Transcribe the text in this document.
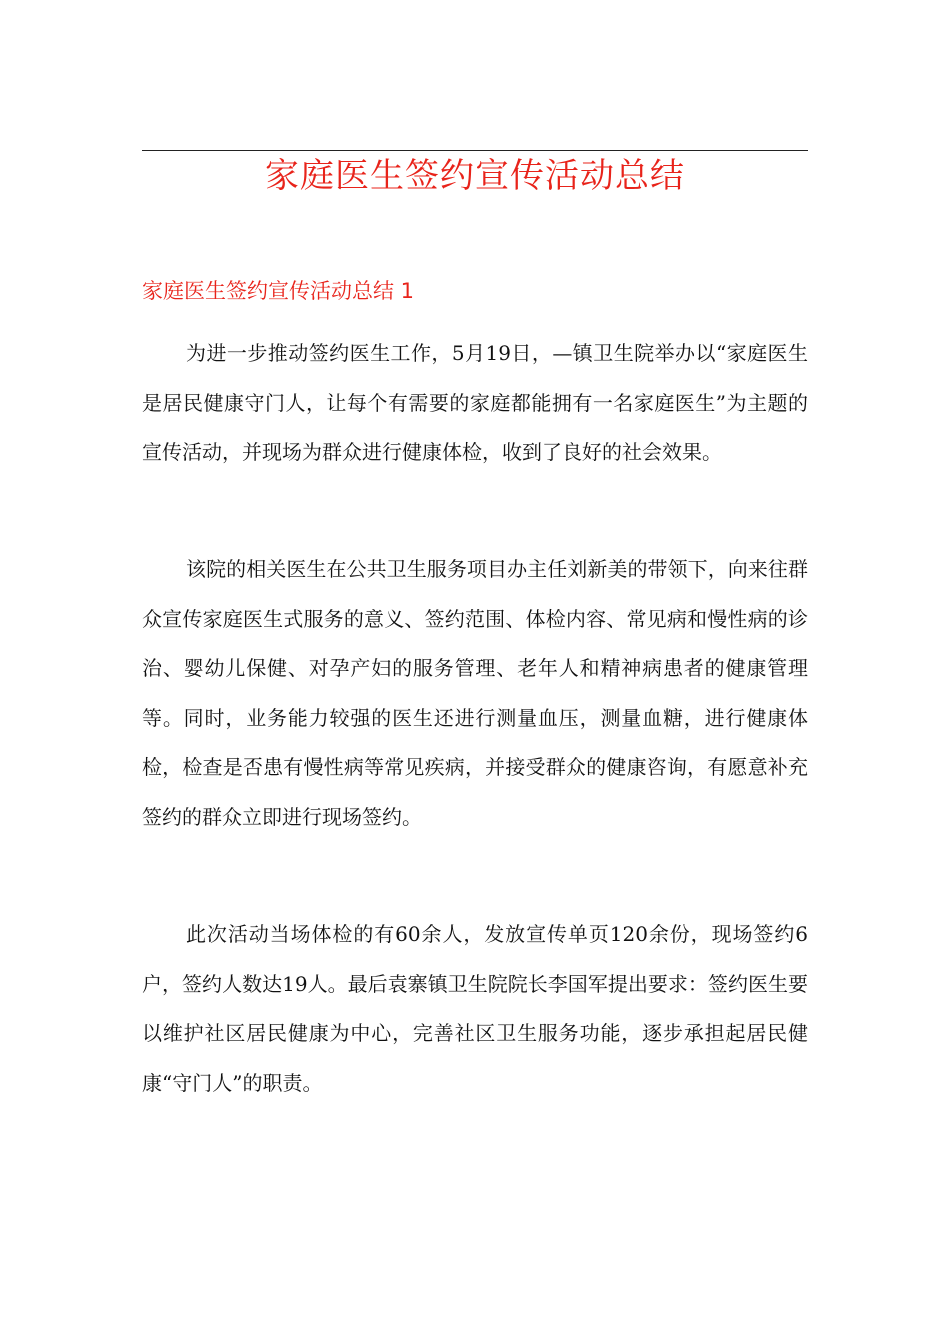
家庭医生签约宣传活动总结
家庭医生签约宣传活动总结 1

为进一步推动签约医生工作，5月19日，—镇卫生院举办以“家庭医生是居民健康守门人，让每个有需要的家庭都能拥有一名家庭医生”为主题的宣传活动，并现场为群众进行健康体检，收到了良好的社会效果。

该院的相关医生在公共卫生服务项目办主任刘新美的带领下，向来往群众宣传家庭医生式服务的意义、签约范围、体检内容、常见病和慢性病的诊治、婴幼儿保健、对孕产妇的服务管理、老年人和精神病患者的健康管理等。同时，业务能力较强的医生还进行测量血压，测量血糖，进行健康体检，检查是否患有慢性病等常见疾病，并接受群众的健康咨询，有愿意补充签约的群众立即进行现场签约。

此次活动当场体检的有60余人，发放宣传单页120余份，现场签约6户，签约人数达19人。最后袁寨镇卫生院院长李国军提出要求：签约医生要以维护社区居民健康为中心，完善社区卫生服务功能，逐步承担起居民健康“守门人”的职责。
